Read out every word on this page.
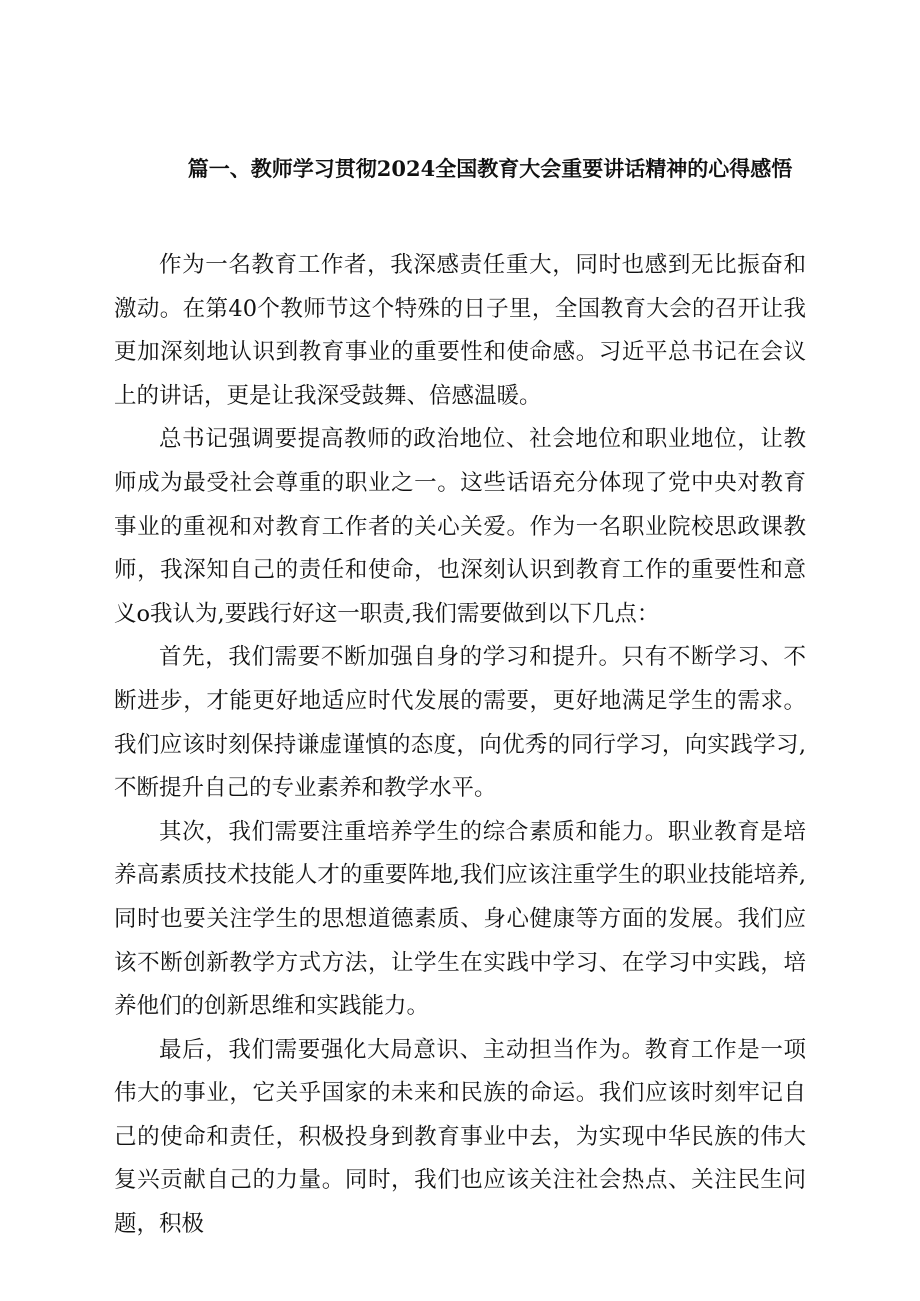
篇一、教师学习贯彻2024全国教育大会重要讲话精神的心得感悟

作为一名教育工作者，我深感责任重大，同时也感到无比振奋和激动。在第40个教师节这个特殊的日子里，全国教育大会的召开让我更加深刻地认识到教育事业的重要性和使命感。习近平总书记在会议上的讲话，更是让我深受鼓舞、倍感温暖。

总书记强调要提高教师的政治地位、社会地位和职业地位，让教师成为最受社会尊重的职业之一。这些话语充分体现了党中央对教育事业的重视和对教育工作者的关心关爱。作为一名职业院校思政课教师，我深知自己的责任和使命，也深刻认识到教育工作的重要性和意义o我认为,要践行好这一职责,我们需要做到以下几点：

首先，我们需要不断加强自身的学习和提升。只有不断学习、不断进步，才能更好地适应时代发展的需要，更好地满足学生的需求。我们应该时刻保持谦虚谨慎的态度，向优秀的同行学习，向实践学习,不断提升自己的专业素养和教学水平。

其次，我们需要注重培养学生的综合素质和能力。职业教育是培养高素质技术技能人才的重要阵地,我们应该注重学生的职业技能培养,同时也要关注学生的思想道德素质、身心健康等方面的发展。我们应该不断创新教学方式方法，让学生在实践中学习、在学习中实践，培养他们的创新思维和实践能力。

最后，我们需要强化大局意识、主动担当作为。教育工作是一项伟大的事业，它关乎国家的未来和民族的命运。我们应该时刻牢记自己的使命和责任，积极投身到教育事业中去，为实现中华民族的伟大复兴贡献自己的力量。同时，我们也应该关注社会热点、关注民生问题，积极
